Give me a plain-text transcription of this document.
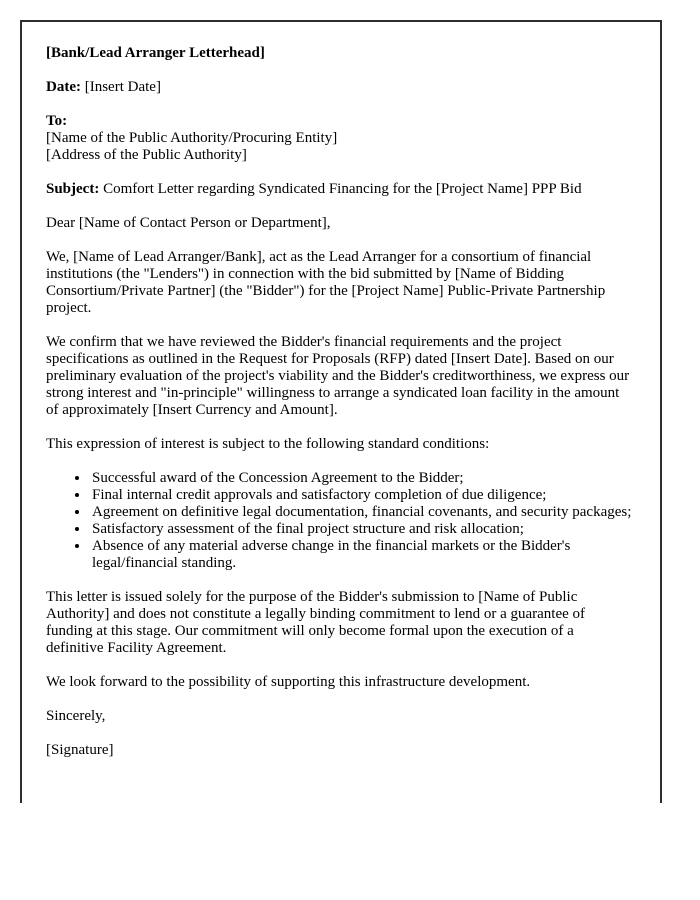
[Bank/Lead Arranger Letterhead]

Date: [Insert Date]

To:
[Name of the Public Authority/Procuring Entity]
[Address of the Public Authority]

Subject: Comfort Letter regarding Syndicated Financing for the [Project Name] PPP Bid

Dear [Name of Contact Person or Department],

We, [Name of Lead Arranger/Bank], act as the Lead Arranger for a consortium of financial institutions (the "Lenders") in connection with the bid submitted by [Name of Bidding Consortium/Private Partner] (the "Bidder") for the [Project Name] Public-Private Partnership project.

We confirm that we have reviewed the Bidder's financial requirements and the project specifications as outlined in the Request for Proposals (RFP) dated [Insert Date]. Based on our preliminary evaluation of the project's viability and the Bidder's creditworthiness, we express our strong interest and "in-principle" willingness to arrange a syndicated loan facility in the amount of approximately [Insert Currency and Amount].

This expression of interest is subject to the following standard conditions:

• Successful award of the Concession Agreement to the Bidder;
• Final internal credit approvals and satisfactory completion of due diligence;
• Agreement on definitive legal documentation, financial covenants, and security packages;
• Satisfactory assessment of the final project structure and risk allocation;
• Absence of any material adverse change in the financial markets or the Bidder's legal/financial standing.

This letter is issued solely for the purpose of the Bidder's submission to [Name of Public Authority] and does not constitute a legally binding commitment to lend or a guarantee of funding at this stage. Our commitment will only become formal upon the execution of a definitive Facility Agreement.

We look forward to the possibility of supporting this infrastructure development.

Sincerely,

[Signature]
